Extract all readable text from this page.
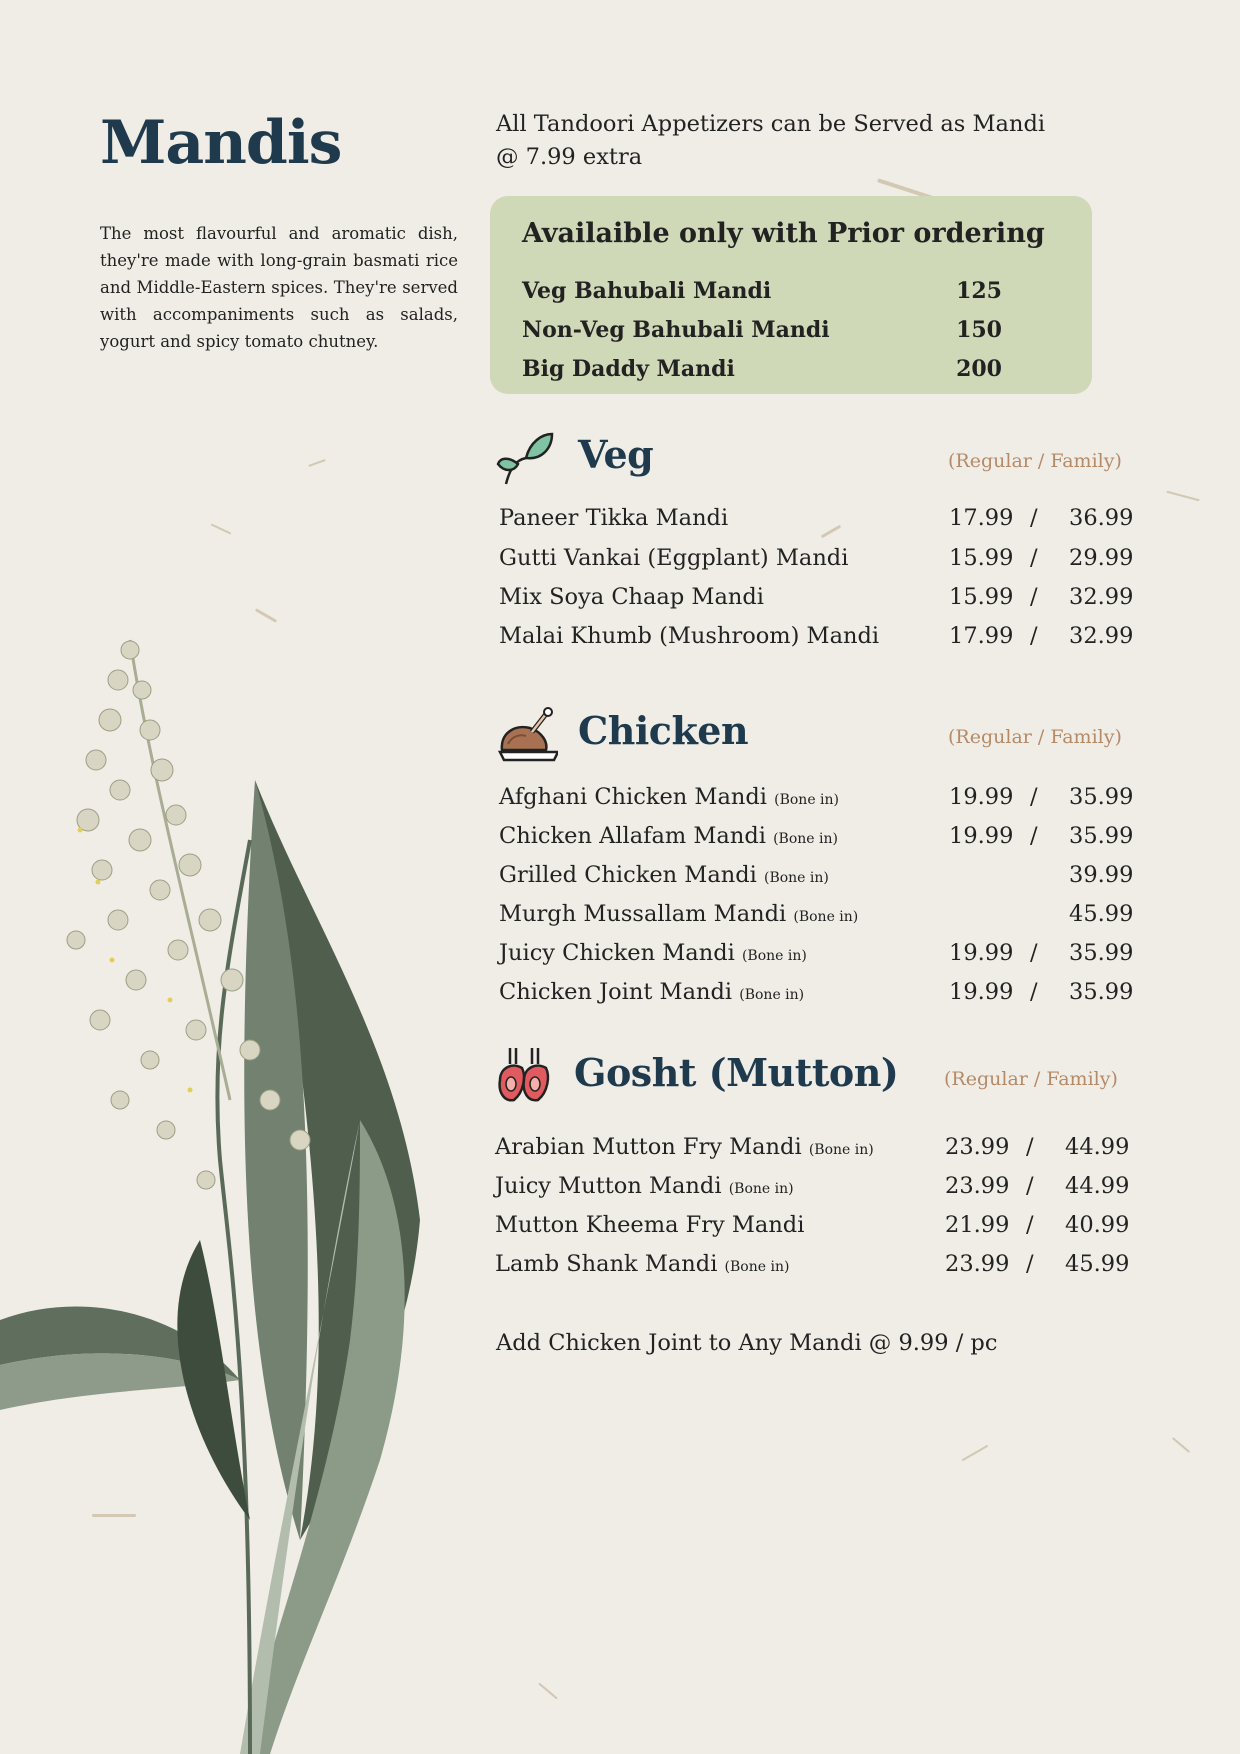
Mandis

The most flavourful and aromatic dish, they're made with long-grain basmati rice and Middle-Eastern spices. They're served with accompaniments such as salads, yogurt and spicy tomato chutney.

All Tandoori Appetizers can be Served as Mandi @ 7.99 extra
Availaible only with Prior ordering
Veg Bahubali Mandi	125
Non-Veg Bahubali Mandi	150
Big Daddy Mandi	200
Veg	(Regular / Family)
Paneer Tikka Mandi	17.99 / 36.99
Gutti Vankai (Eggplant) Mandi	15.99 / 29.99
Mix Soya Chaap Mandi	15.99 / 32.99
Malai Khumb (Mushroom) Mandi	17.99 / 32.99
Chicken	(Regular / Family)
Afghani Chicken Mandi (Bone in)	19.99 / 35.99
Chicken Allafam Mandi (Bone in)	19.99 / 35.99
Grilled Chicken Mandi (Bone in)	39.99
Murgh Mussallam Mandi (Bone in)	45.99
Juicy Chicken Mandi (Bone in)	19.99 / 35.99
Chicken Joint Mandi (Bone in)	19.99 / 35.99
Gosht (Mutton) (Regular / Family)
Arabian Mutton Fry Mandi (Bone in)	23.99 / 44.99
Juicy Mutton Mandi (Bone in)	23.99 / 44.99
Mutton Kheema Fry Mandi	21.99 / 40.99
Lamb Shank Mandi (Bone in)	23.99 / 45.99
Add Chicken Joint to Any Mandi @ 9.99 / pc
